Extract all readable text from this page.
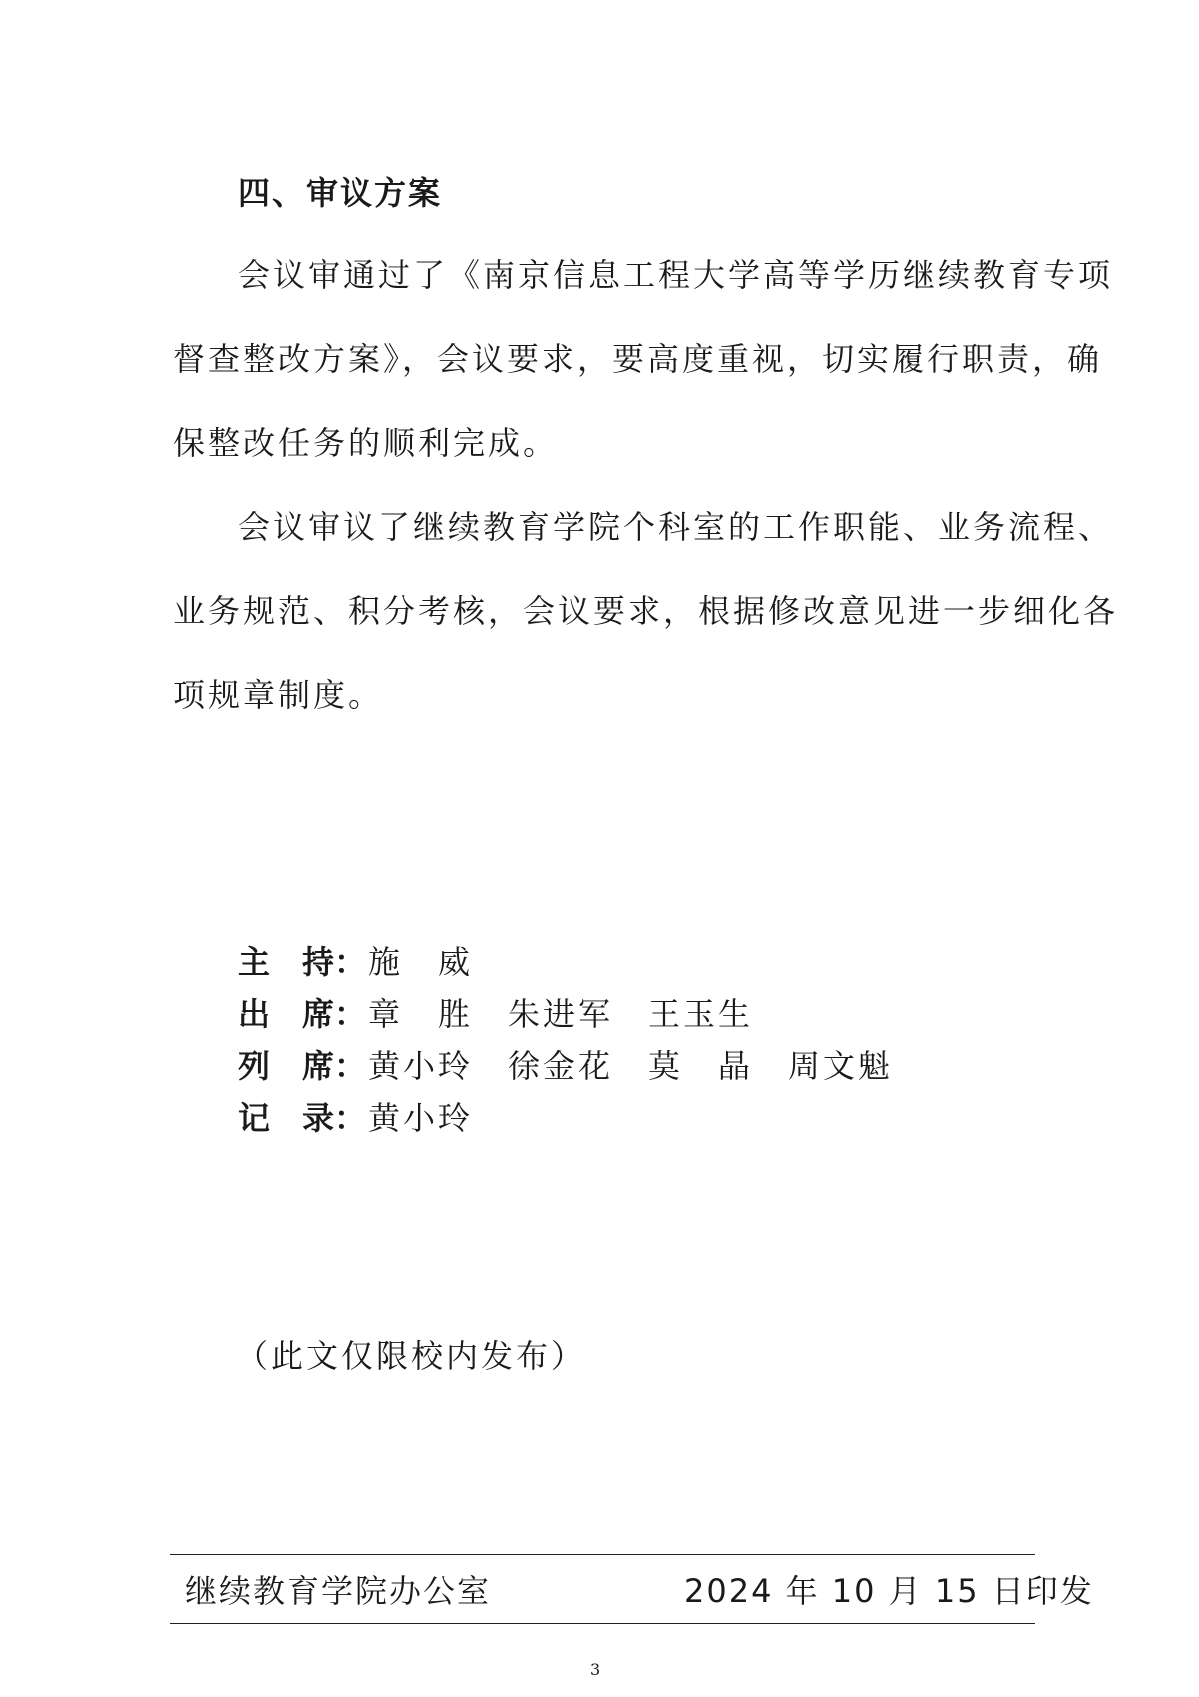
四、审议方案
会议审通过了《南京信息工程大学高等学历继续教育专项
督查整改方案》，会议要求，要高度重视，切实履行职责，确
保整改任务的顺利完成。
会议审议了继续教育学院个科室的工作职能、业务流程、
业务规范、积分考核，会议要求，根据修改意见进一步细化各
项规章制度。
主　持：施　威
出　席：章　胜　朱进军　王玉生
列　席：黄小玲　徐金花　莫　晶　周文魁
记　录：黄小玲
（此文仅限校内发布）
继续教育学院办公室	2024 年 10 月 15 日印发
3
